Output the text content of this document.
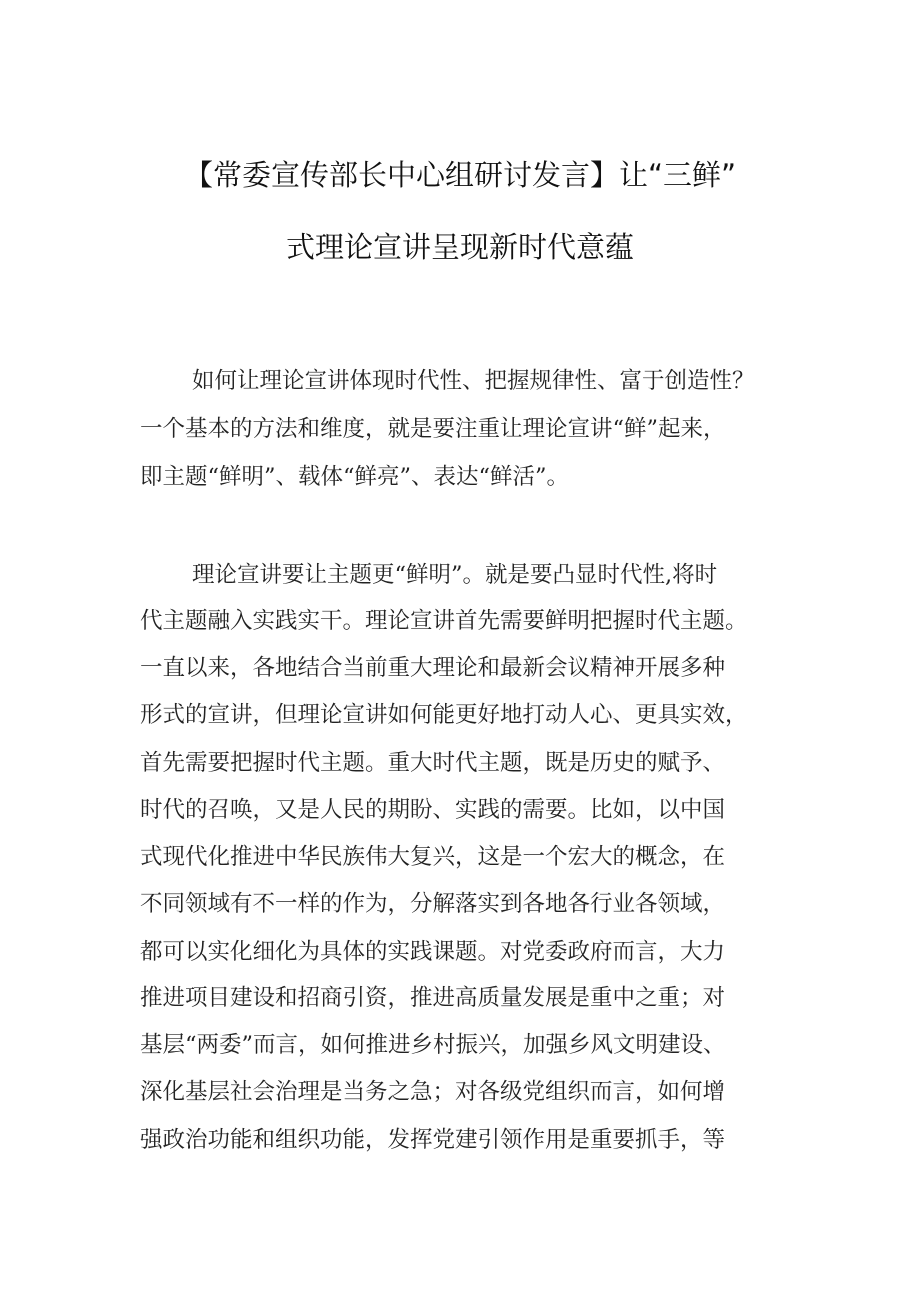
【常委宣传部长中心组研讨发言】让“三鲜”
式理论宣讲呈现新时代意蕴
如何让理论宣讲体现时代性、把握规律性、富于创造性？
一个基本的方法和维度，就是要注重让理论宣讲“鲜”起来，
即主题“鲜明”、载体“鲜亮”、表达“鲜活”。
理论宣讲要让主题更“鲜明”。就是要凸显时代性,将时
代主题融入实践实干。理论宣讲首先需要鲜明把握时代主题。
一直以来，各地结合当前重大理论和最新会议精神开展多种
形式的宣讲，但理论宣讲如何能更好地打动人心、更具实效，
首先需要把握时代主题。重大时代主题，既是历史的赋予、
时代的召唤，又是人民的期盼、实践的需要。比如，以中国
式现代化推进中华民族伟大复兴，这是一个宏大的概念，在
不同领域有不一样的作为，分解落实到各地各行业各领域，
都可以实化细化为具体的实践课题。对党委政府而言，大力
推进项目建设和招商引资，推进高质量发展是重中之重；对
基层“两委”而言，如何推进乡村振兴，加强乡风文明建设、
深化基层社会治理是当务之急；对各级党组织而言，如何增
强政治功能和组织功能，发挥党建引领作用是重要抓手，等
